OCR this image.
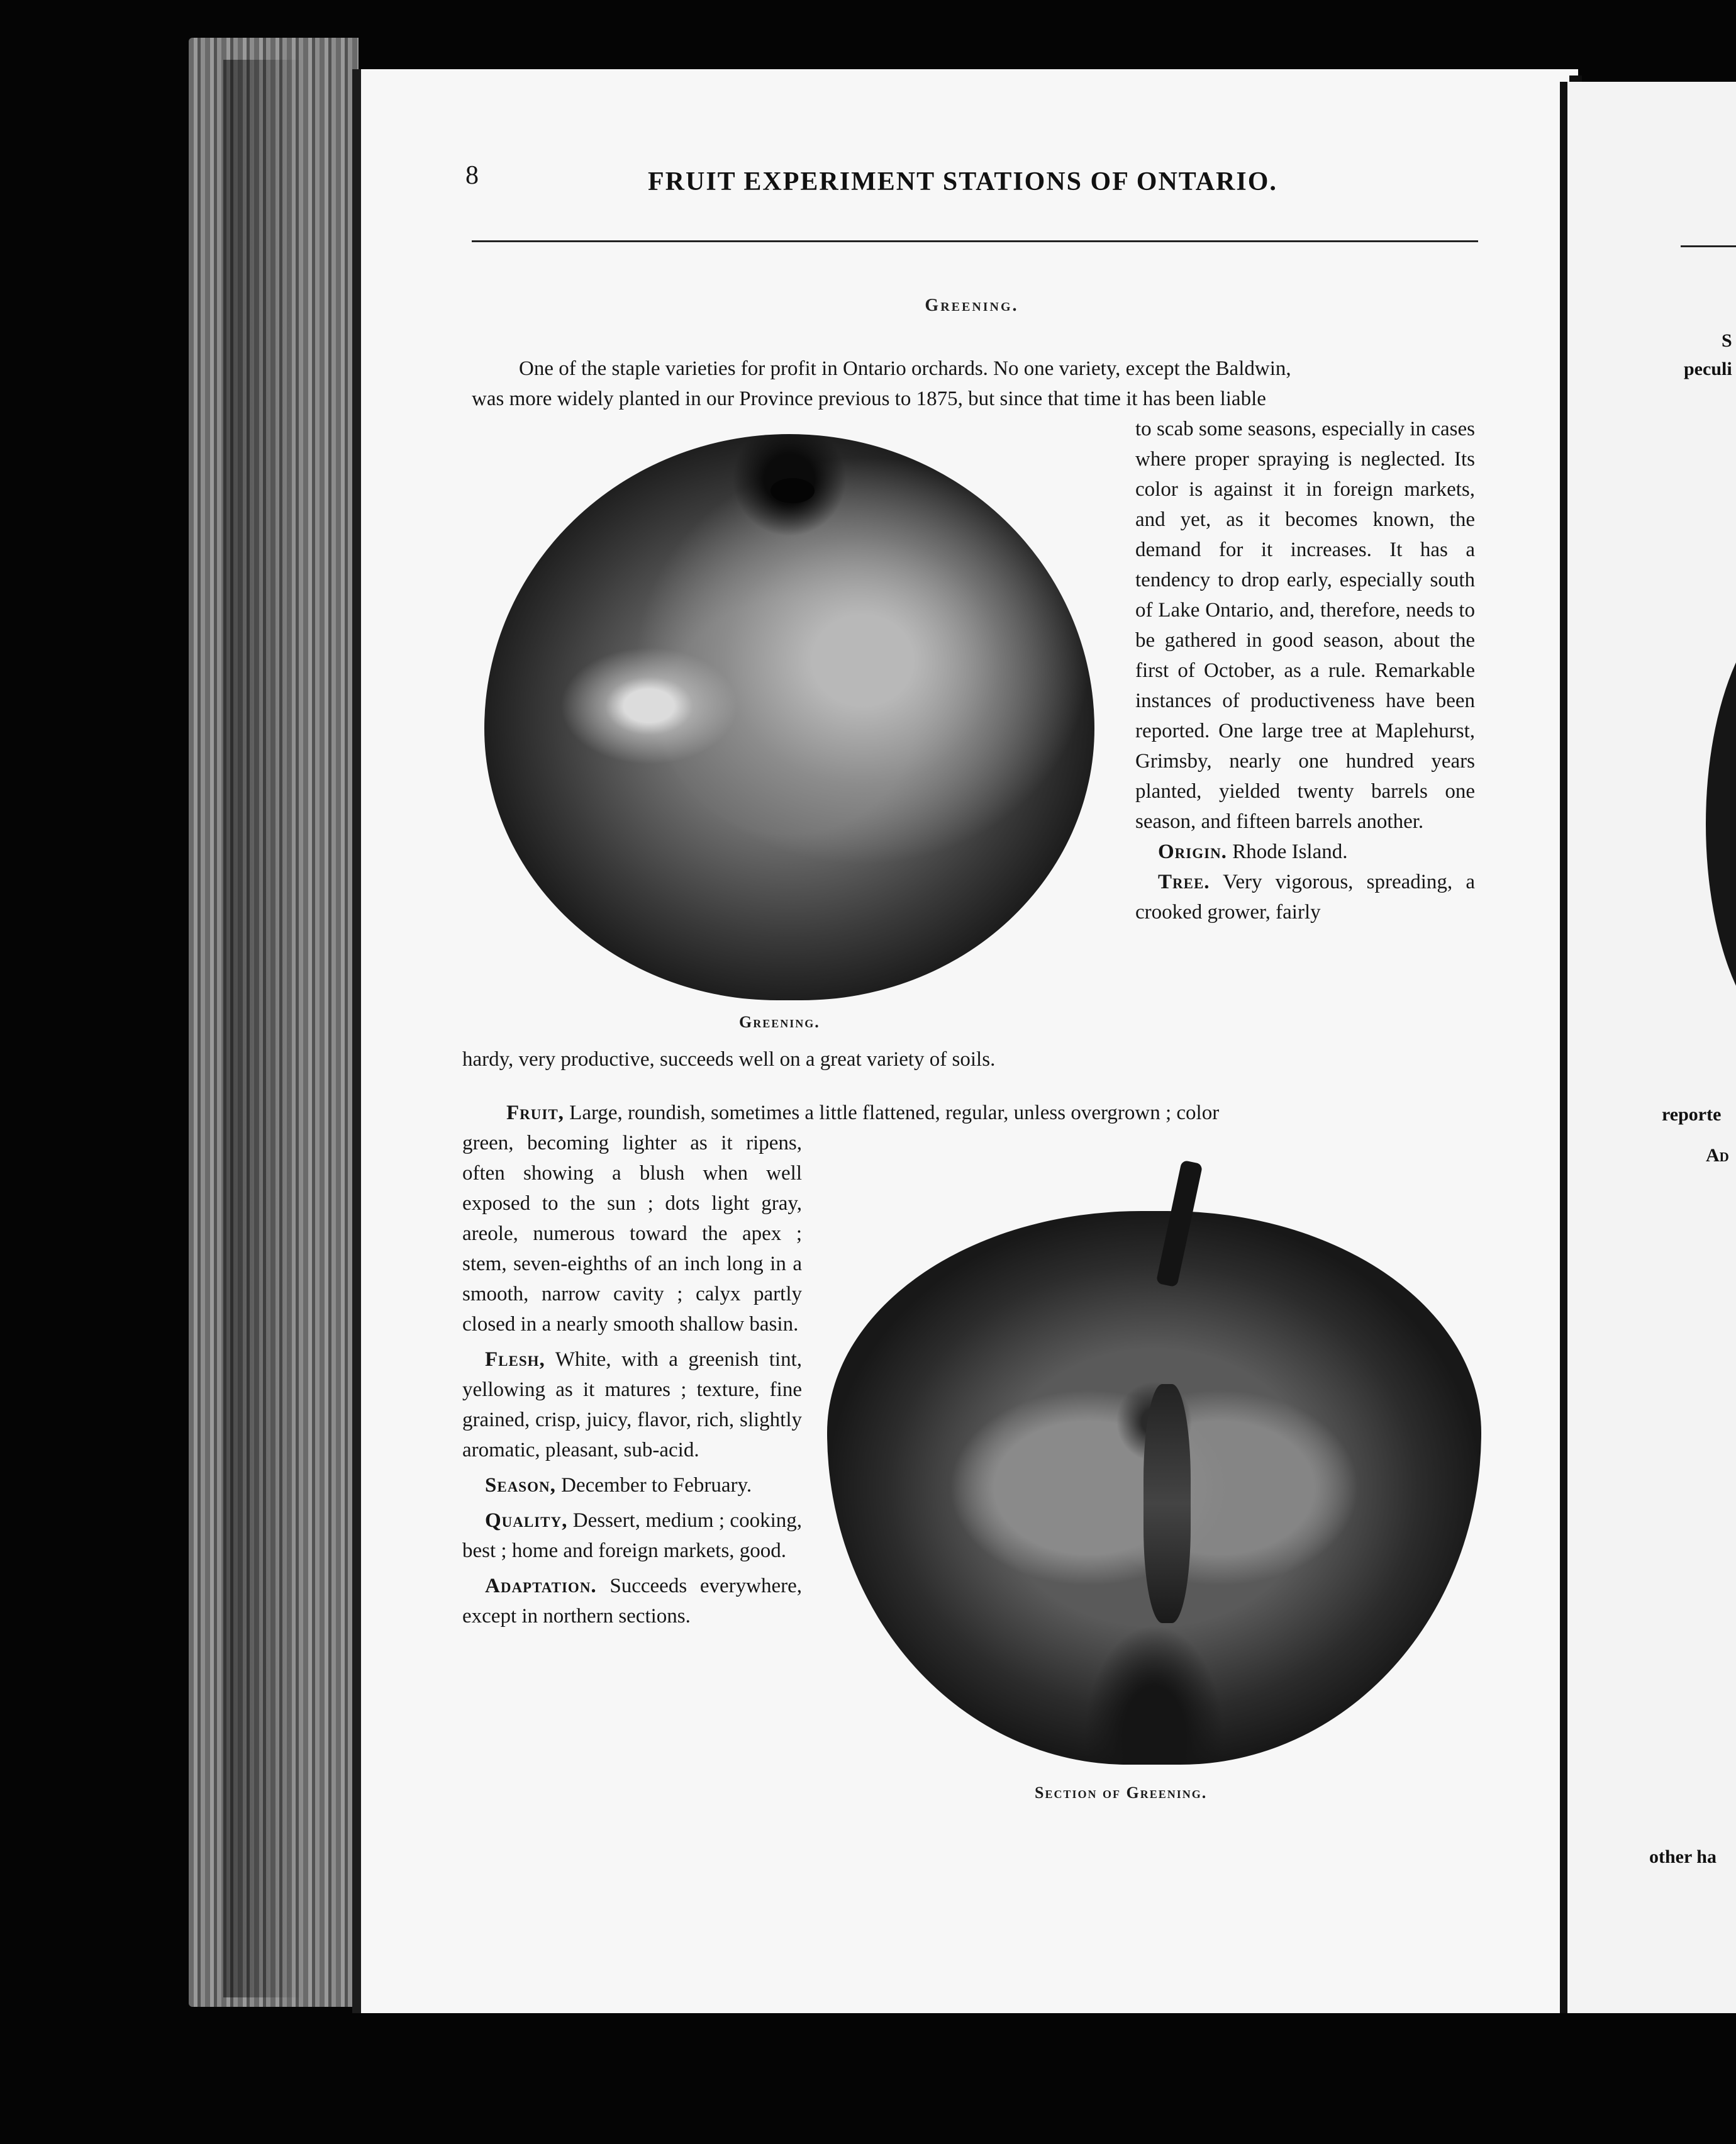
S
peculi
reporte
Ad
other ha
8	FRUIT EXPERIMENT STATIONS OF ONTARIO.
Greening.
One of the staple varieties for profit in Ontario orchards. No one variety, except the Baldwin,
was more widely planted in our Province previous to 1875, but since that time it has been liable

to scab some seasons, especially in cases where proper spraying is neglected. Its color is against it in foreign markets, and yet, as it becomes known, the demand for it increases. It has a tendency to drop early, especially south of Lake Ontario, and, therefore, needs to be gathered in good season, about the first of October, as a rule. Remarkable instances of productiveness have been reported. One large tree at Maplehurst, Grimsby, nearly one hundred years planted, yielded twenty barrels one season, and fifteen barrels another.

Origin. Rhode Island.

Tree. Very vigorous, spreading, a crooked grower, fairly

Greening.
hardy, very productive, succeeds well on a great variety of soils.
Fruit, Large, roundish, sometimes a little flattened, regular, unless overgrown ; color

green, becoming lighter as it ripens, often showing a blush when well exposed to the sun ; dots light gray, areole, numerous toward the apex ; stem, seven-eighths of an inch long in a smooth, narrow cavity ; calyx partly closed in a nearly smooth shallow basin.

Flesh, White, with a greenish tint, yellowing as it matures ; texture, fine grained, crisp, juicy, flavor, rich, slightly aromatic, pleasant, sub-acid.

Season, December to February.

Quality, Dessert, medium ; cooking, best ; home and foreign markets, good.

Adaptation. Succeeds everywhere, except in northern sections.

Section of Greening.
